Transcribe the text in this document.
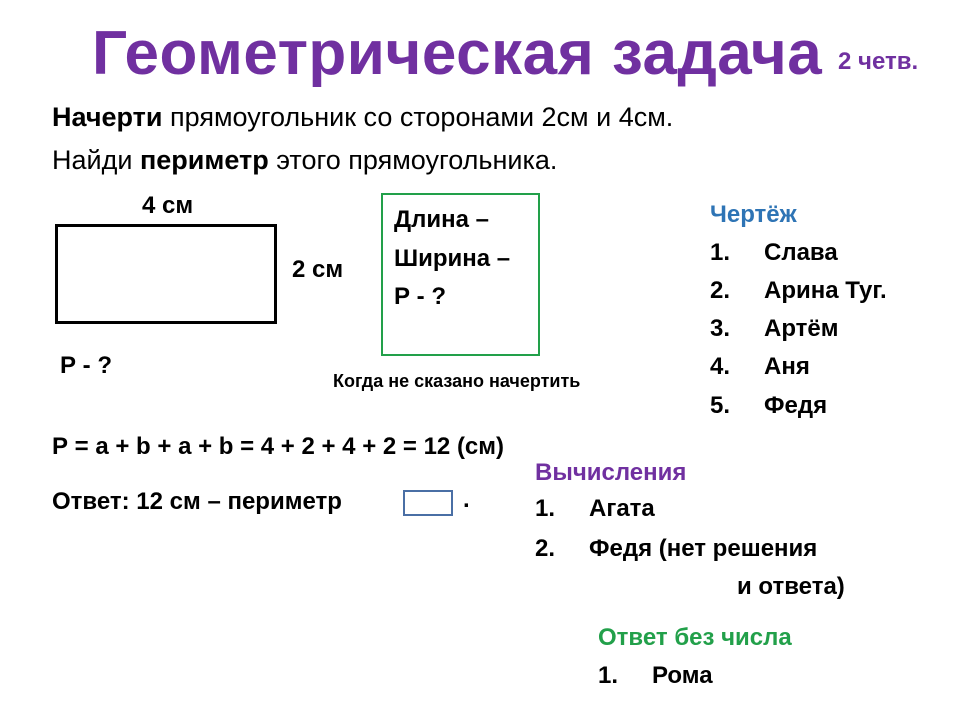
Геометрическая задача 2 четв.
Начерти прямоугольник со сторонами 2см и 4см.
Найди периметр этого прямоугольника.
4 см
2 см
Р - ?
Длина –
Ширина –
Р - ?
Когда не сказано начертить
Р = a + b + a + b = 4 + 2 + 4 + 2 = 12 (см)
Ответ: 12 см – периметр	.
Чертёж
1. Слава
2. Арина Туг.
3. Артём
4. Аня
5. Федя
Вычисления
1. Агата
2. Федя (нет решения
и ответа)
Ответ без числа
1. Рома
